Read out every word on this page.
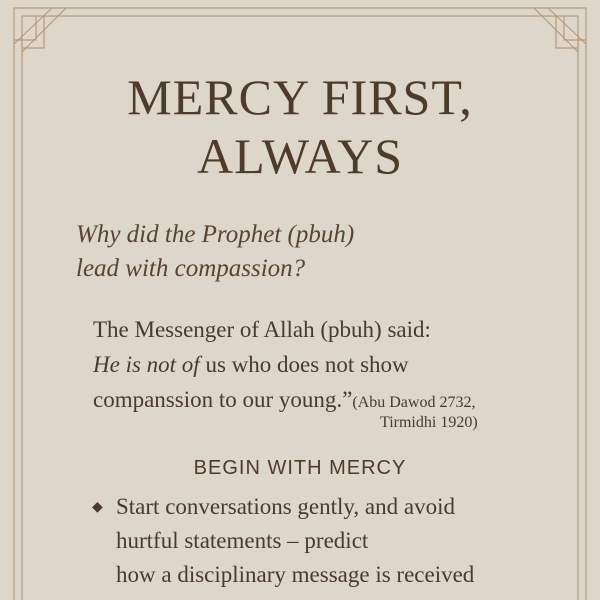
MERCY FIRST,
ALWAYS
Why did the Prophet (pbuh)
lead with compassion?
The Messenger of Allah (pbuh) said:
He is not of us who does not show
companssion to our young.”(Abu Dawod 2732,
Tirmidhi 1920)
BEGIN WITH MERCY
◆ Start conversations gently, and avoid
hurtful statements – predict
how a disciplinary message is received
